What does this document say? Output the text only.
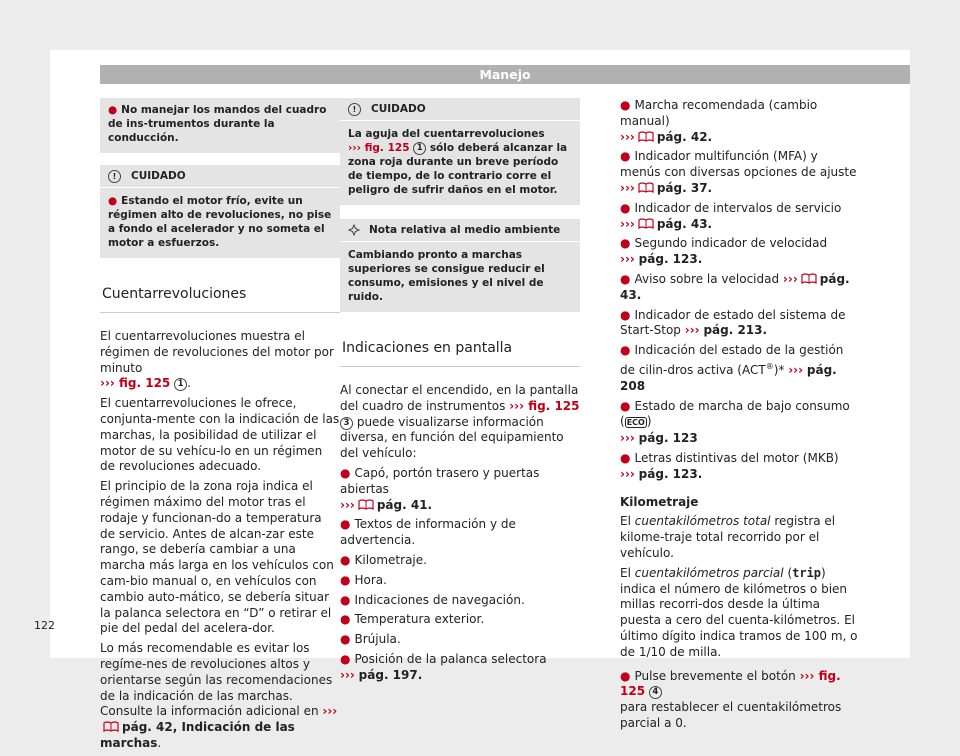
Manejo
● No manejar los mandos del cuadro de ins-trumentos durante la conducción.
!	CUIDADO
● Estando el motor frío, evite un régimen alto de revoluciones, no pise a fondo el acelerador y no someta el motor a esfuerzos.
Cuentarrevoluciones

El cuentarrevoluciones muestra el régimen de revoluciones del motor por minuto
››› fig. 125 1 .

El cuentarrevoluciones le ofrece, conjunta-mente con la indicación de las marchas, la posibilidad de utilizar el motor de su vehícu-lo en un régimen de revoluciones adecuado.

El principio de la zona roja indica el régimen máximo del motor tras el rodaje y funcionan-do a temperatura de servicio. Antes de alcan-zar este rango, se debería cambiar a una marcha más larga en los vehículos con cam-bio manual o, en vehículos con cambio auto-mático, se debería situar la palanca selectora en “D” o retirar el pie del pedal del acelera-dor.

Lo más recomendable es evitar los regíme-nes de revoluciones altos y orientarse según las recomendaciones de la indicación de las marchas. Consulte la información adicional en ›››pág. 42, Indicación de las marchas.

!	CUIDADO
La aguja del cuentarrevoluciones
››› fig. 125 1 sólo deberá alcanzar la zona roja durante un breve período de tiempo, de lo contrario corre el peligro de sufrir daños en el motor.
Nota relativa al medio ambiente
Cambiando pronto a marchas superiores se consigue reducir el consumo, emisiones y el nivel de ruido.
Indicaciones en pantalla

Al conectar el encendido, en la pantalla del cuadro de instrumentos ››› fig. 125 3 puede visualizarse información diversa, en función del equipamiento del vehículo:

● Capó, portón trasero y puertas abiertas
››› pág. 41.
● Textos de información y de advertencia.
● Kilometraje.
● Hora.
● Indicaciones de navegación.
● Temperatura exterior.
● Brújula.
● Posición de la palanca selectora
››› pág. 197.
● Marcha recomendada (cambio manual)
››› pág. 42.
● Indicador multifunción (MFA) y menús con diversas opciones de ajuste ››› pág. 37.
● Indicador de intervalos de servicio
››› pág. 43.
● Segundo indicador de velocidad
››› pág. 123.
● Aviso sobre la velocidad ››› pág. 43.
● Indicador de estado del sistema de Start-Stop ››› pág. 213.
● Indicación del estado de la gestión de cilin-dros activa (ACT®)* ››› pág. 208
● Estado de marcha de bajo consumo ( ECO )
››› pág. 123
● Letras distintivas del motor (MKB)
››› pág. 123.

Kilometraje

El cuentakilómetros total registra el kilome-traje total recorrido por el vehículo.

El cuentakilómetros parcial (trip) indica el número de kilómetros o bien millas recorri-dos desde la última puesta a cero del cuenta-kilómetros. El último dígito indica tramos de 100 m, o de 1/10 de milla.

● Pulse brevemente el botón ››› fig. 125 4
para restablecer el cuentakilómetros parcial a 0.
122
